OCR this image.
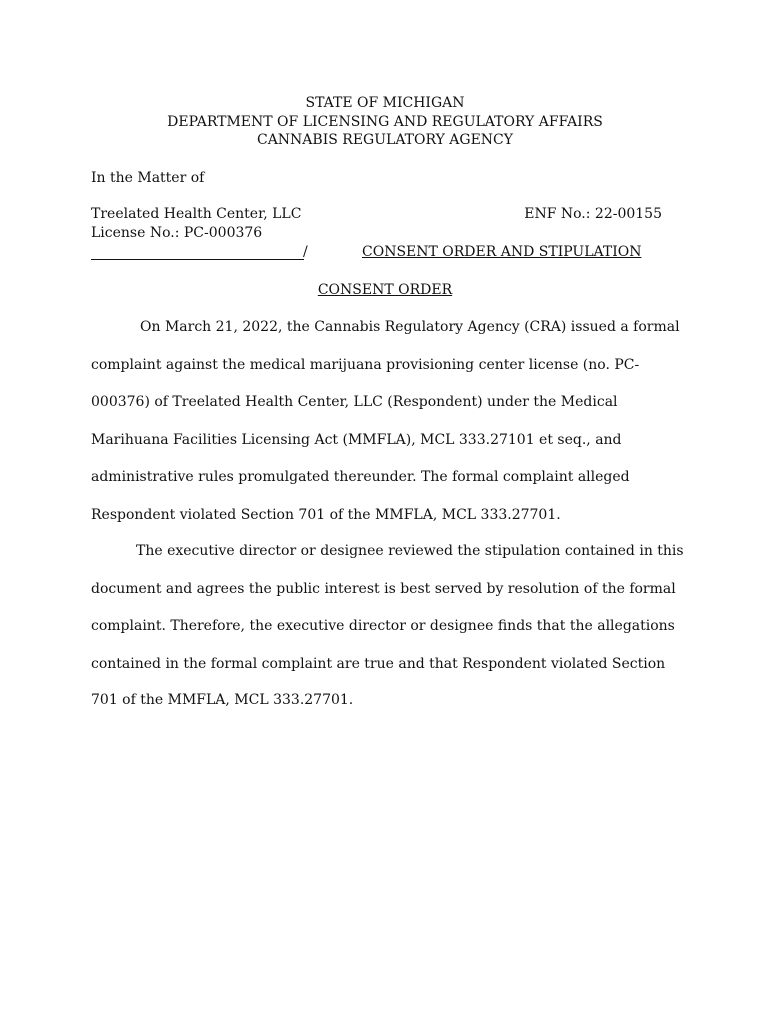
STATE OF MICHIGAN
DEPARTMENT OF LICENSING AND REGULATORY AFFAIRS
CANNABIS REGULATORY AGENCY
In the Matter of
Treelated Health Center, LLC
License No.: PC-000376
ENF No.: 22-00155
/	CONSENT ORDER AND STIPULATION
CONSENT ORDER
On March 21, 2022, the Cannabis Regulatory Agency (CRA) issued a formal
complaint against the medical marijuana provisioning center license (no. PC-
000376) of Treelated Health Center, LLC (Respondent) under the Medical
Marihuana Facilities Licensing Act (MMFLA), MCL 333.27101 et seq., and
administrative rules promulgated thereunder. The formal complaint alleged
Respondent violated Section 701 of the MMFLA, MCL 333.27701.
The executive director or designee reviewed the stipulation contained in this
document and agrees the public interest is best served by resolution of the formal
complaint. Therefore, the executive director or designee finds that the allegations
contained in the formal complaint are true and that Respondent violated Section
701 of the MMFLA, MCL 333.27701.
